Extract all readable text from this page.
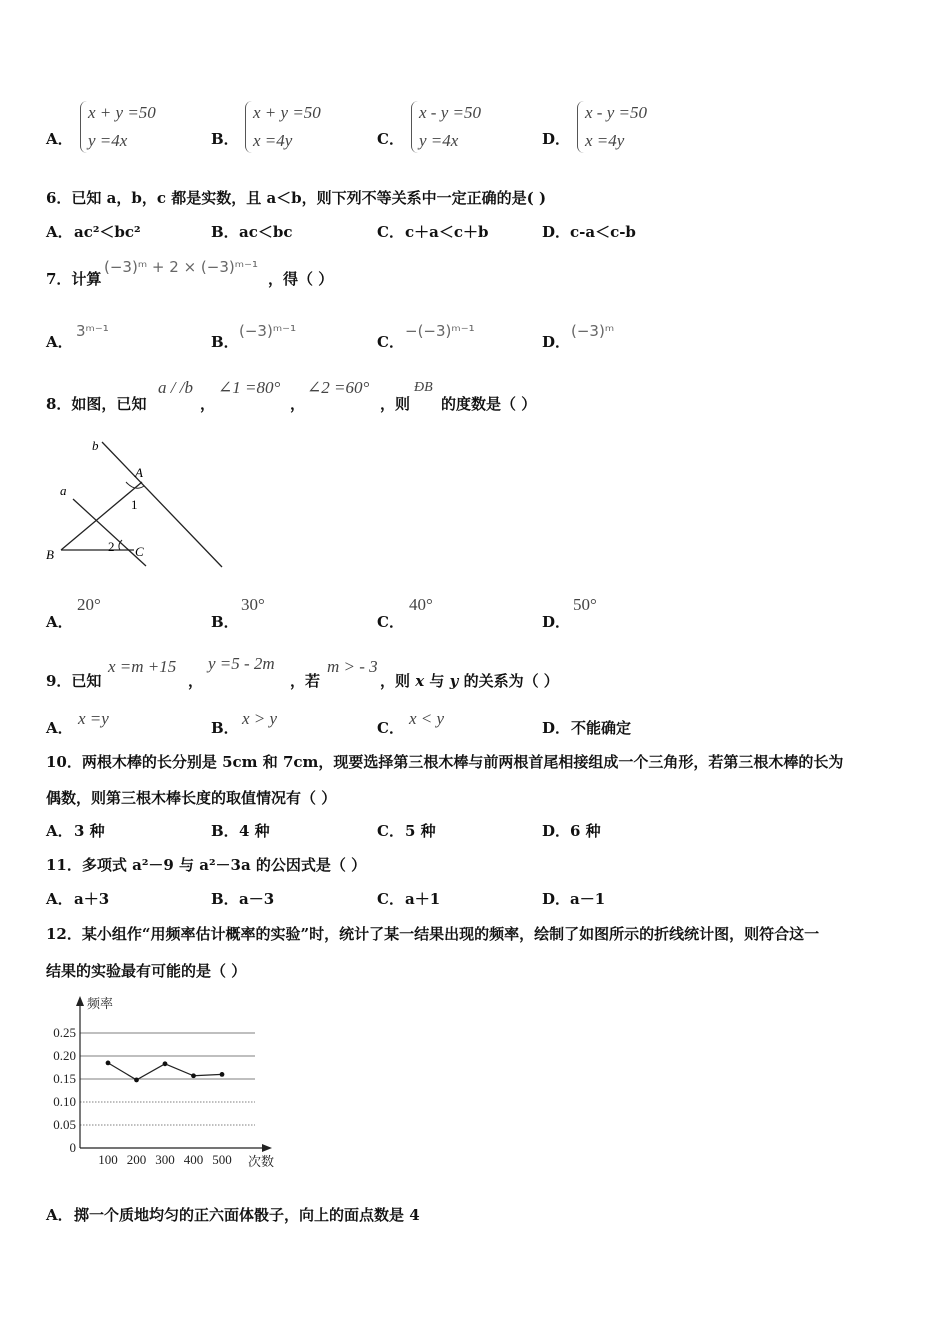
A．
x + y =50
y =4x	B．
x + y =50
x =4y	C．
x - y =50
y =4x	D．
x - y =50
x =4y
6．已知 a，b，c 都是实数，且 a＜b，则下列不等关系中一定正确的是( )
A． ac²＜bc²	B． ac＜bc	C． c＋a＜c＋b	D． c-a＜c-b
7．计算
(−3)ᵐ + 2 × (−3)ᵐ⁻¹
，得（ ）
A．
3ᵐ⁻¹
B．
(−3)ᵐ⁻¹
C．
−(−3)ᵐ⁻¹
D．
(−3)ᵐ
8．如图，已知
a / /b
，
∠1 =80°
，
∠2 =60°
，则
ÐB
的度数是（ ）
b
A
1
a
B
2 C
A．
20°
B．
30°
C．
40°
D．
50°
9．已知
x =m +15
，
y =5 - 2m
，若
m > - 3
，则 x 与 y 的关系为（ ）
A． x =y	B． x > y	C． x < y	D． 不能确定
10．两根木棒的长分别是 5cm 和 7cm，现要选择第三根木棒与前两根首尾相接组成一个三角形，若第三根木棒的长为
偶数，则第三根木棒长度的取值情况有（ ）
A． 3 种	B． 4 种	C． 5 种	D． 6 种
11．多项式 a²－9 与 a²－3a 的公因式是（ ）
A． a＋3	B． a－3	C． a＋1	D． a－1
12．某小组作“用频率估计概率的实验”时，统计了某一结果出现的频率，绘制了如图所示的折线统计图，则符合这一
结果的实验最有可能的是（ ）
频率
次数
0
0.05
0.10
0.15
0.20
0.25
100 200 300 400 500
A． 掷一个质地均匀的正六面体骰子，向上的面点数是 4
